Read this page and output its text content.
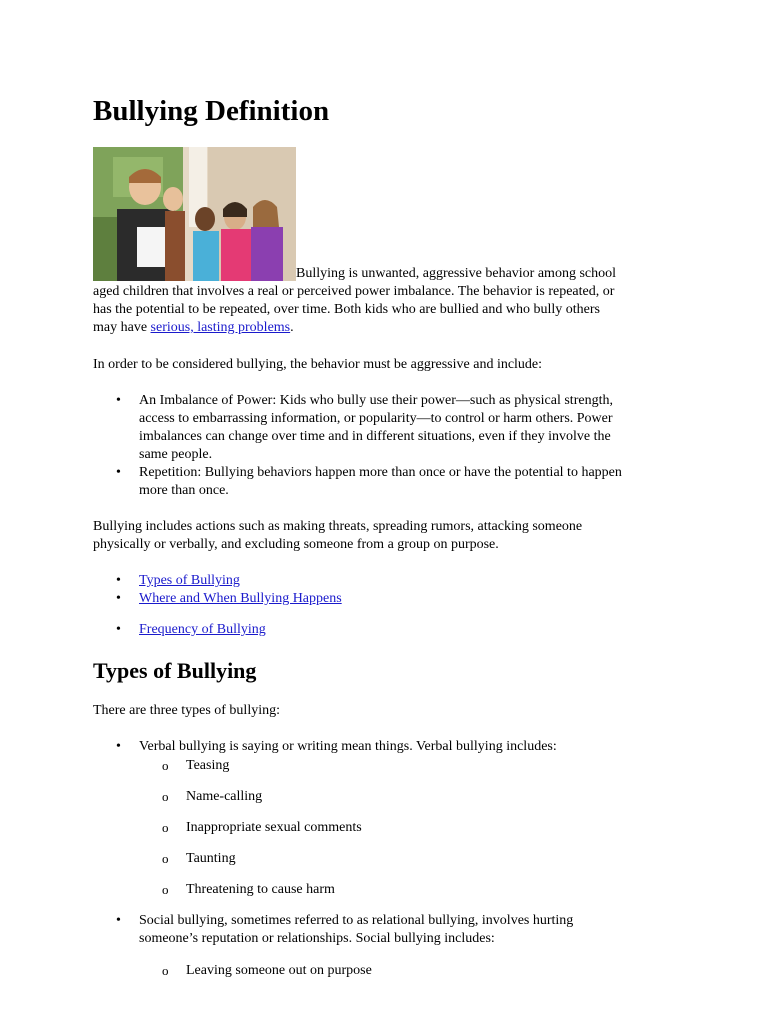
Bullying Definition
Bullying is unwanted, aggressive behavior among school
aged children that involves a real or perceived power imbalance. The behavior is repeated, or
has the potential to be repeated, over time. Both kids who are bullied and who bully others
may have serious, lasting problems.

In order to be considered bullying, the behavior must be aggressive and include:

• An Imbalance of Power: Kids who bully use their power—such as physical strength,
access to embarrassing information, or popularity—to control or harm others. Power
imbalances can change over time and in different situations, even if they involve the
same people.
• Repetition: Bullying behaviors happen more than once or have the potential to happen
more than once.
Bullying includes actions such as making threats, spreading rumors, attacking someone
physically or verbally, and excluding someone from a group on purpose.
• Types of Bullying
• Where and When Bullying Happens
• Frequency of Bullying
Types of Bullying

There are three types of bullying:

• Verbal bullying is saying or writing mean things. Verbal bullying includes:

o Teasing

o Name-calling

o Inappropriate sexual comments

o Taunting

o Threatening to cause harm

• Social bullying, sometimes referred to as relational bullying, involves hurting
someone’s reputation or relationships. Social bullying includes:
o Leaving someone out on purpose
